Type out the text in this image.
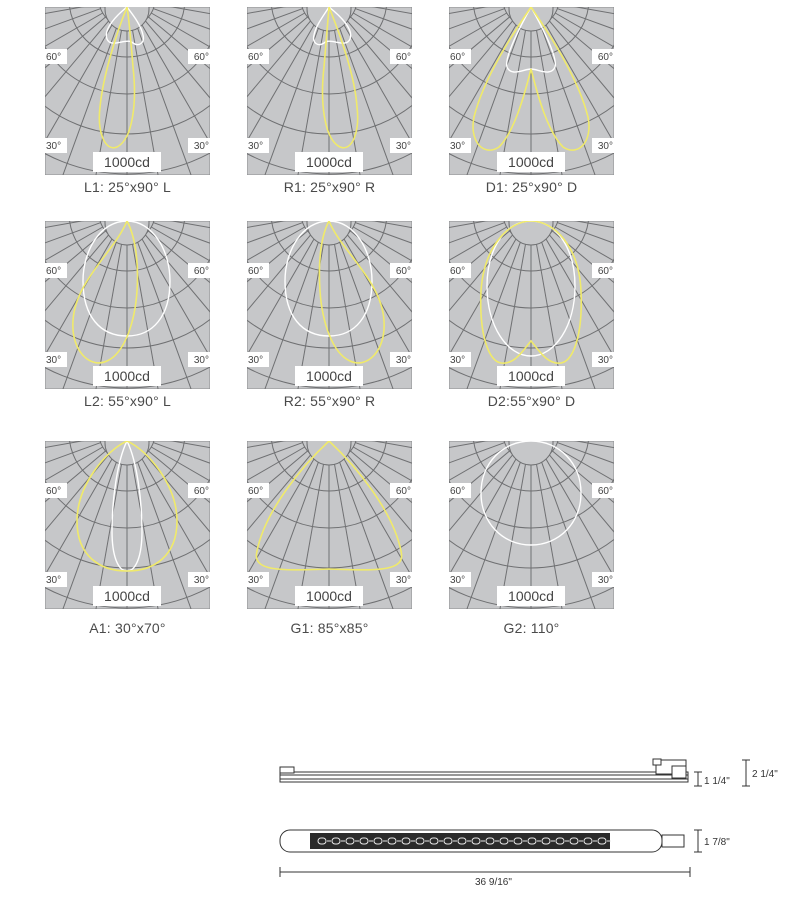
60°	60°
30°	30°
1000cd
L1: 25°x90° L
60°	60°
30°	30°
1000cd
R1: 25°x90° R
60°	60°
30°	30°
1000cd
D1: 25°x90° D
60°	60°
30°	30°
1000cd
L2: 55°x90° L
60°	60°
30°	30°
1000cd
R2: 55°x90° R
60°	60°
30°	30°
1000cd
D2:55°x90° D
60°	60°
30°	30°
1000cd
A1: 30°x70°
60°	60°
30°	30°
1000cd
G1: 85°x85°
60°	60°
30°	30°
1000cd
G2: 110°
1 1/4"
2 1/4"
1 7/8"
36 9/16"
